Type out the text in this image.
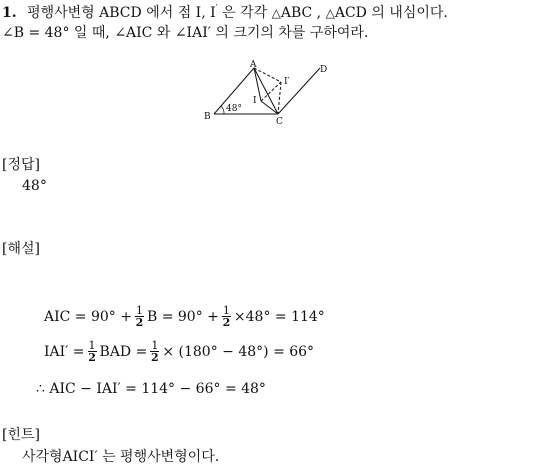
1. 평행사변형 ABCD 에서 점 I, I′ 은 각각 △ABC , △ACD 의 내심이다.
∠B = 48° 일 때, ∠AIC 와 ∠IAI′ 의 크기의 차를 구하여라.
A
B	C
D
I
I′
48°
[정답]
48°
[해설]
AIC = $90^\circ + \frac{1}{2}$ $B = 90^\circ + \frac{1}{2} \times 48^\circ = 114^\circ$
$IAI' = \frac{1}{2}$ BAD = $\frac{1}{2} \times (180^\circ - 48^\circ) = 66^\circ$
∴ AIC − IAI′ = 114° − 66° = 48°
[힌트]
사각형AICI′ 는 평행사변형이다.
